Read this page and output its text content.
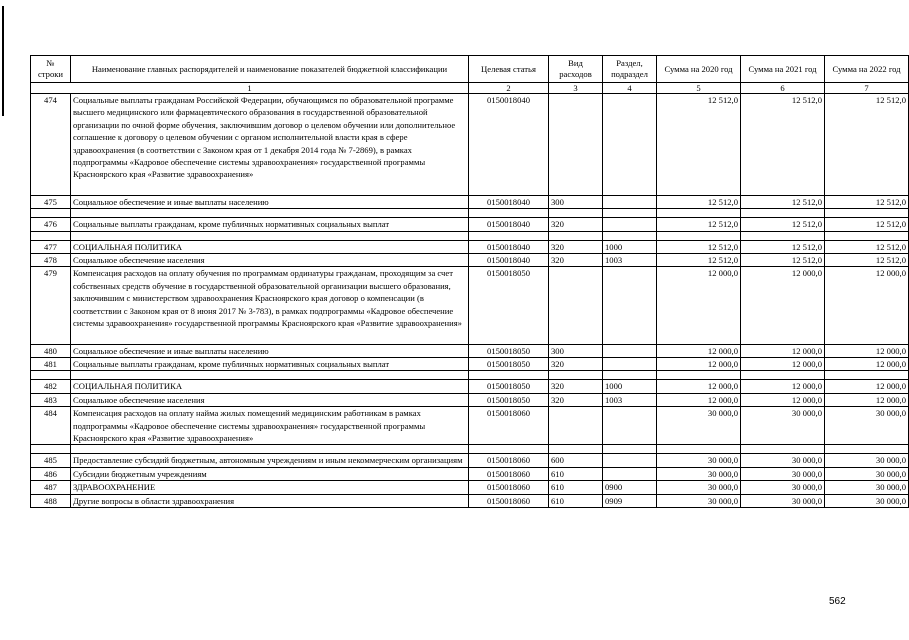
№ строки	Наименование главных распорядителей и наименование показателей бюджетной классификации	Целевая статья	Вид расходов	Раздел, подраздел	Сумма на 2020 год	Сумма на 2021 год	Сумма на 2022 год
1		2	3	4	5	6	7
474	Социальные выплаты гражданам Российской Федерации, обучающимся по образовательной программе высшего медицинского или фармацевтического образования в государственной образовательной организации по очной форме обучения, заключившим договор о целевом обучении или дополнительное соглашение к договору о целевом обучении с органом исполнительной власти края в сфере здравоохранения (в соответствии с Законом края от 1 декабря 2014 года № 7-2869), в рамках подпрограммы «Кадровое обеспечение системы здравоохранения» государственной программы Красноярского края «Развитие здравоохранения»	0150018040			12 512,0	12 512,0	12 512,0
475	Социальное обеспечение и иные выплаты населению	0150018040	300		12 512,0	12 512,0	12 512,0

476	Социальные выплаты гражданам, кроме публичных нормативных социальных выплат	0150018040	320		12 512,0	12 512,0	12 512,0

477	СОЦИАЛЬНАЯ ПОЛИТИКА	0150018040	320	1000	12 512,0	12 512,0	12 512,0
478	Социальное обеспечение населения	0150018040	320	1003	12 512,0	12 512,0	12 512,0
479	Компенсация расходов на оплату обучения по программам ординатуры гражданам, проходящим за счет собственных средств обучение в государственной образовательной организации высшего образования, заключившим с министерством здравоохранения Красноярского края договор о компенсации (в соответствии с Законом края от 8 июня 2017 № 3-783), в рамках подпрограммы «Кадровое обеспечение системы здравоохранения» государственной программы Красноярского края «Развитие здравоохранения»	0150018050			12 000,0	12 000,0	12 000,0
480	Социальное обеспечение и иные выплаты населению	0150018050	300		12 000,0	12 000,0	12 000,0
481	Социальные выплаты гражданам, кроме публичных нормативных социальных выплат	0150018050	320		12 000,0	12 000,0	12 000,0

482	СОЦИАЛЬНАЯ ПОЛИТИКА	0150018050	320	1000	12 000,0	12 000,0	12 000,0
483	Социальное обеспечение населения	0150018050	320	1003	12 000,0	12 000,0	12 000,0
484	Компенсация расходов на оплату найма жилых помещений медицинским работникам в рамках подпрограммы «Кадровое обеспечение системы здравоохранения» государственной программы Красноярского края «Развитие здравоохранения»	0150018060			30 000,0	30 000,0	30 000,0

485	Предоставление субсидий бюджетным, автономным учреждениям и иным некоммерческим организациям	0150018060	600		30 000,0	30 000,0	30 000,0
486	Субсидии бюджетным учреждениям	0150018060	610		30 000,0	30 000,0	30 000,0
487	ЗДРАВООХРАНЕНИЕ	0150018060	610	0900	30 000,0	30 000,0	30 000,0
488	Другие вопросы в области здравоохранения	0150018060	610	0909	30 000,0	30 000,0	30 000,0
562
